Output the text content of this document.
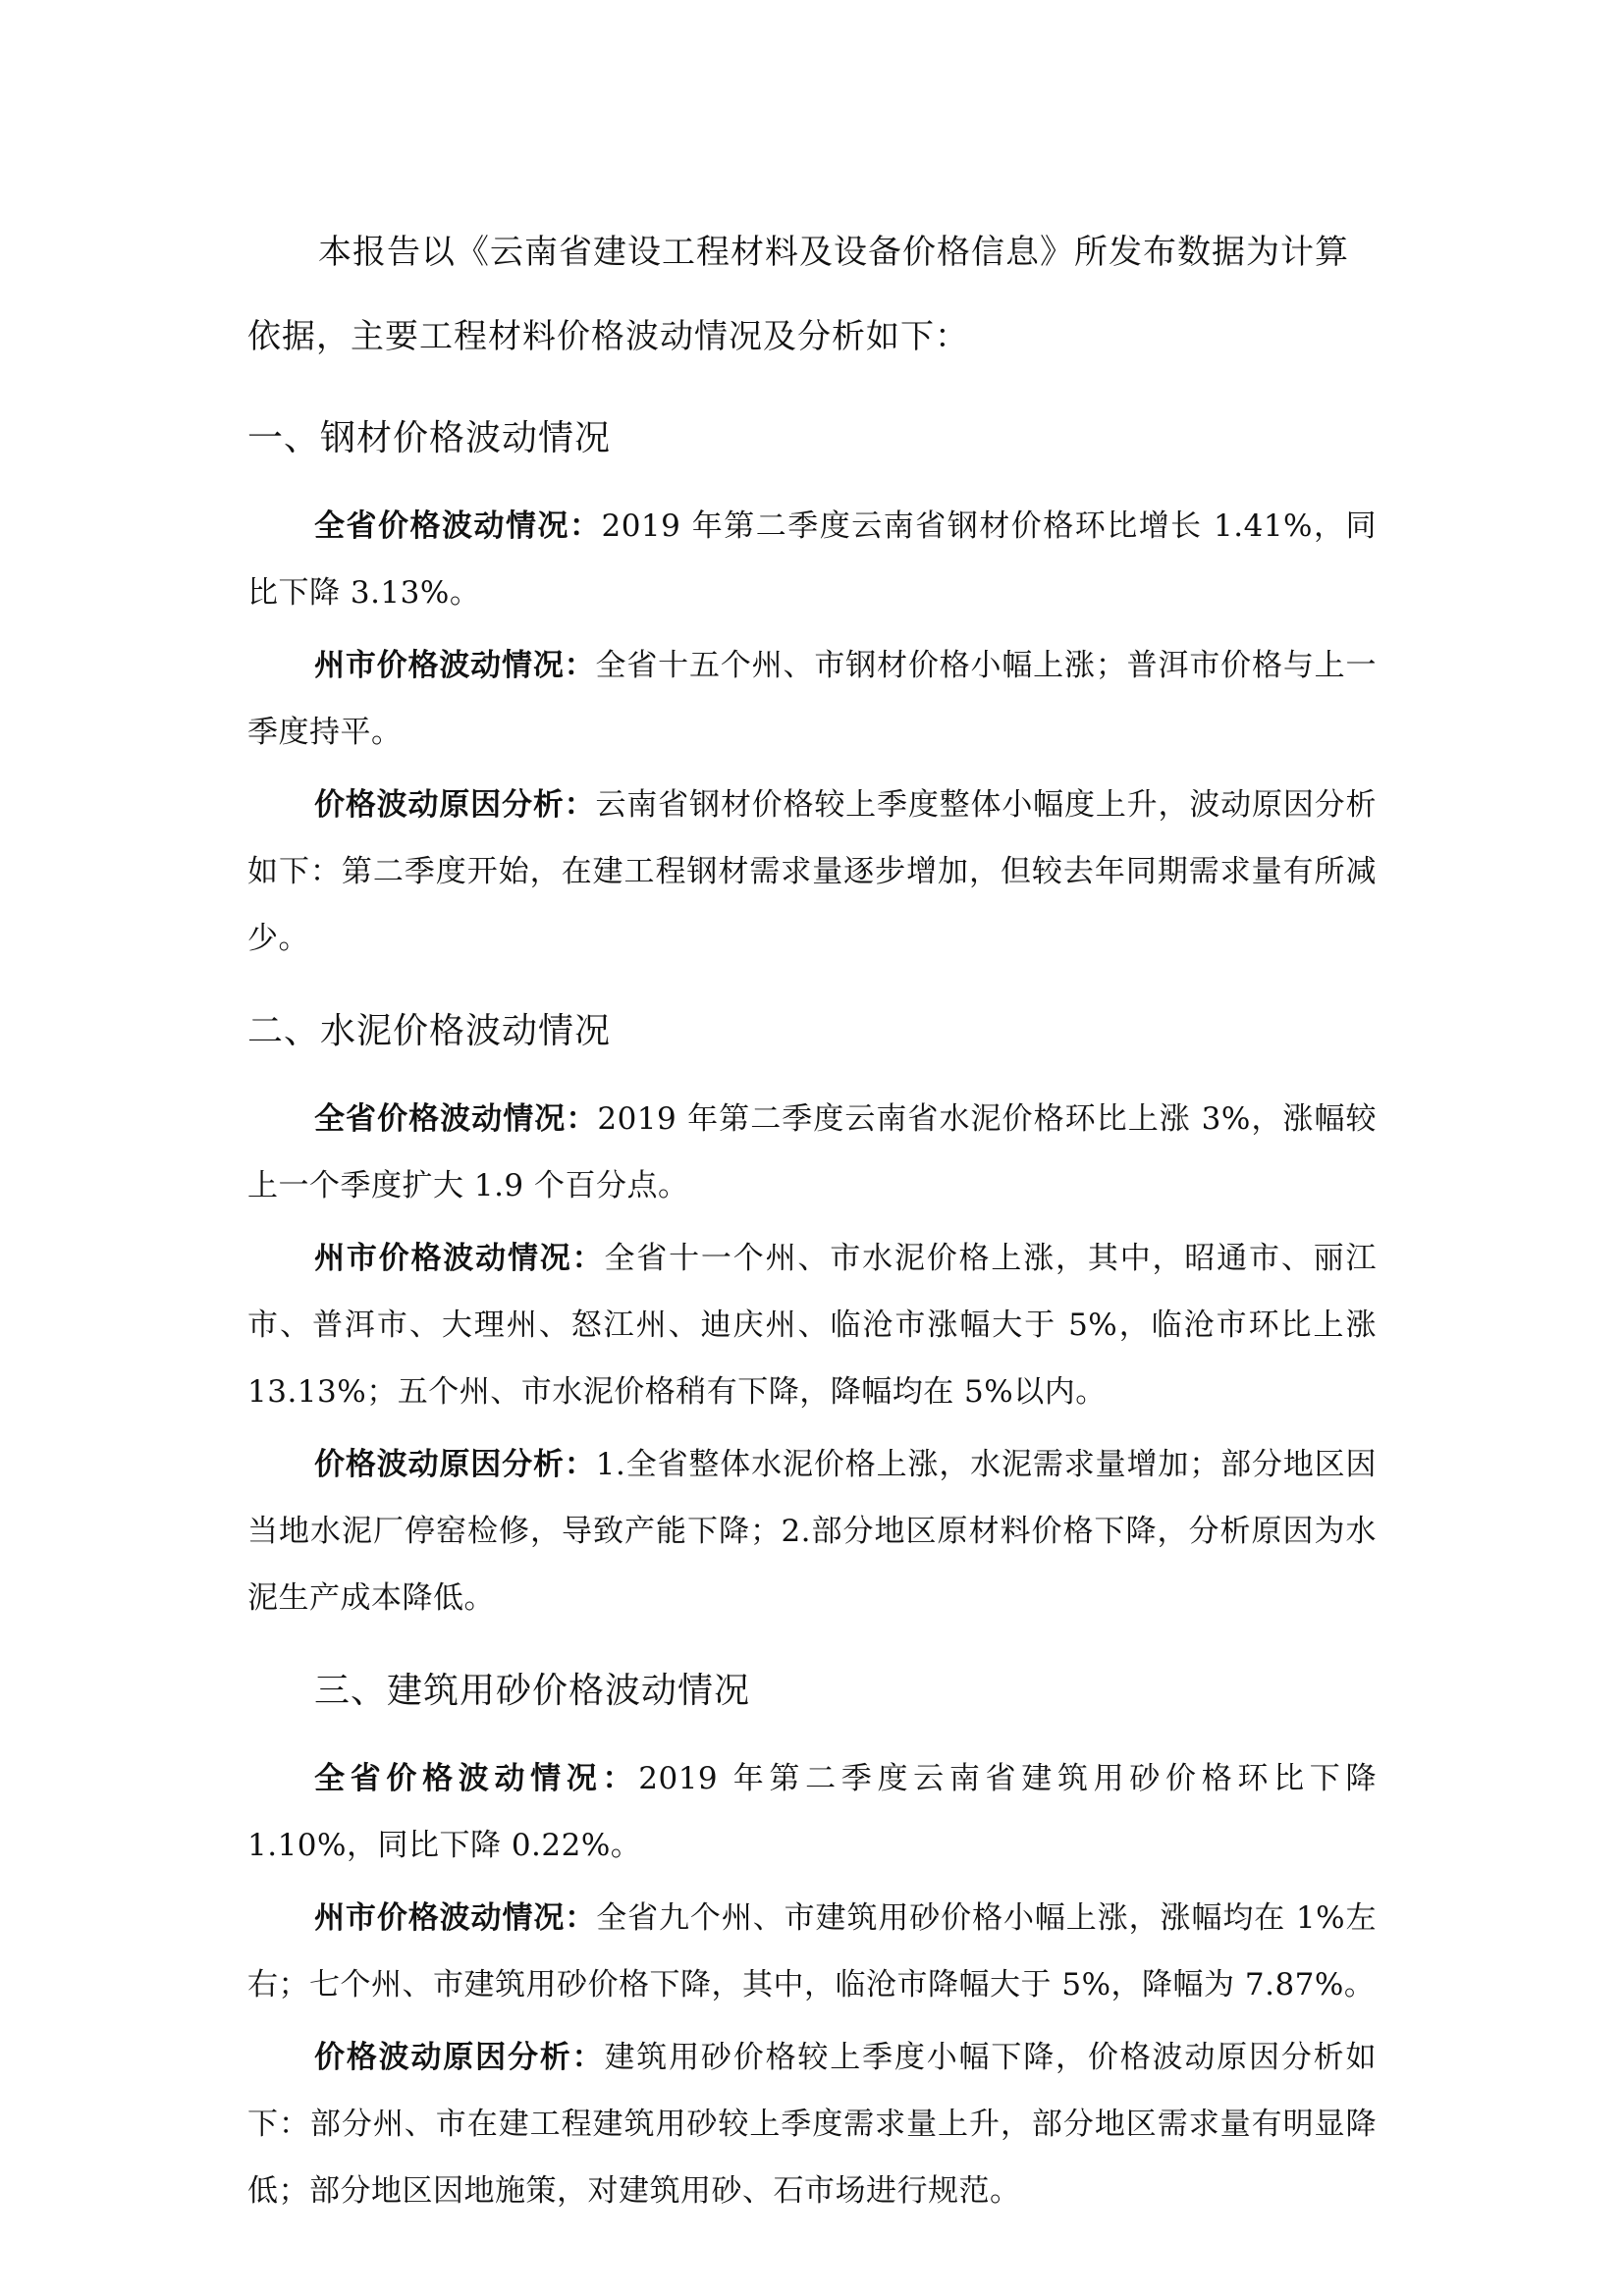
本报告以《云南省建设工程材料及设备价格信息》所发布数据为计算依据，主要工程材料价格波动情况及分析如下：

一、钢材价格波动情况

全省价格波动情况：2019 年第二季度云南省钢材价格环比增长 1.41%，同比下降 3.13%。

州市价格波动情况：全省十五个州、市钢材价格小幅上涨；普洱市价格与上一季度持平。

价格波动原因分析：云南省钢材价格较上季度整体小幅度上升，波动原因分析如下：第二季度开始，在建工程钢材需求量逐步增加，但较去年同期需求量有所减少。

二、水泥价格波动情况

全省价格波动情况：2019 年第二季度云南省水泥价格环比上涨 3%，涨幅较上一个季度扩大 1.9 个百分点。

州市价格波动情况：全省十一个州、市水泥价格上涨，其中，昭通市、丽江市、普洱市、大理州、怒江州、迪庆州、临沧市涨幅大于 5%，临沧市环比上涨 13.13%；五个州、市水泥价格稍有下降，降幅均在 5%以内。

价格波动原因分析：1.全省整体水泥价格上涨，水泥需求量增加；部分地区因当地水泥厂停窑检修，导致产能下降；2.部分地区原材料价格下降，分析原因为水泥生产成本降低。

三、建筑用砂价格波动情况

全省价格波动情况：2019 年第二季度云南省建筑用砂价格环比下降 1.10%，同比下降 0.22%。

州市价格波动情况：全省九个州、市建筑用砂价格小幅上涨，涨幅均在 1%左右；七个州、市建筑用砂价格下降，其中，临沧市降幅大于 5%，降幅为 7.87%。

价格波动原因分析：建筑用砂价格较上季度小幅下降，价格波动原因分析如下：部分州、市在建工程建筑用砂较上季度需求量上升，部分地区需求量有明显降低；部分地区因地施策，对建筑用砂、石市场进行规范。
